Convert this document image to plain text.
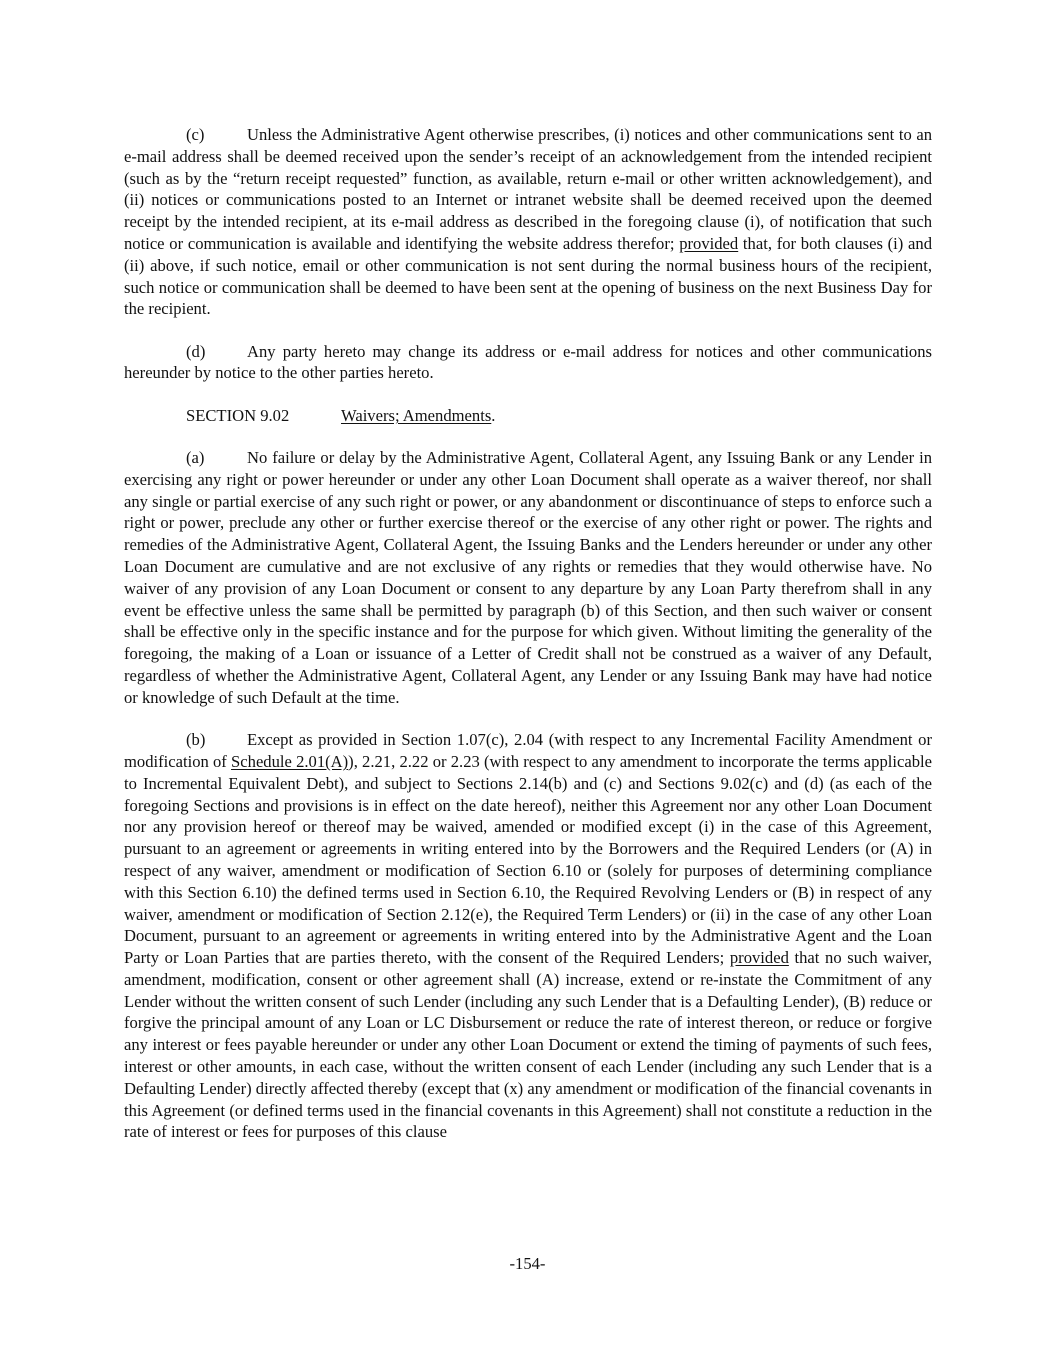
(c)	Unless the Administrative Agent otherwise prescribes, (i) notices and other communications sent to an e-mail address shall be deemed received upon the sender’s receipt of an acknowledgement from the intended recipient (such as by the “return receipt requested” function, as available, return e-mail or other written acknowledgement), and (ii) notices or communications posted to an Internet or intranet website shall be deemed received upon the deemed receipt by the intended recipient, at its e-mail address as described in the foregoing clause (i), of notification that such notice or communication is available and identifying the website address therefor; provided that, for both clauses (i) and (ii) above, if such notice, email or other communication is not sent during the normal business hours of the recipient, such notice or communication shall be deemed to have been sent at the opening of business on the next Business Day for the recipient.

(d)	Any party hereto may change its address or e-mail address for notices and other communications hereunder by notice to the other parties hereto.

SECTION 9.02	Waivers; Amendments.

(a)	No failure or delay by the Administrative Agent, Collateral Agent, any Issuing Bank or any Lender in exercising any right or power hereunder or under any other Loan Document shall operate as a waiver thereof, nor shall any single or partial exercise of any such right or power, or any abandonment or discontinuance of steps to enforce such a right or power, preclude any other or further exercise thereof or the exercise of any other right or power. The rights and remedies of the Administrative Agent, Collateral Agent, the Issuing Banks and the Lenders hereunder or under any other Loan Document are cumulative and are not exclusive of any rights or remedies that they would otherwise have. No waiver of any provision of any Loan Document or consent to any departure by any Loan Party therefrom shall in any event be effective unless the same shall be permitted by paragraph (b) of this Section, and then such waiver or consent shall be effective only in the specific instance and for the purpose for which given. Without limiting the generality of the foregoing, the making of a Loan or issuance of a Letter of Credit shall not be construed as a waiver of any Default, regardless of whether the Administrative Agent, Collateral Agent, any Lender or any Issuing Bank may have had notice or knowledge of such Default at the time.

(b)	Except as provided in Section 1.07(c), 2.04 (with respect to any Incremental Facility Amendment or modification of Schedule 2.01(A)), 2.21, 2.22 or 2.23 (with respect to any amendment to incorporate the terms applicable to Incremental Equivalent Debt), and subject to Sections 2.14(b) and (c) and Sections 9.02(c) and (d) (as each of the foregoing Sections and provisions is in effect on the date hereof), neither this Agreement nor any other Loan Document nor any provision hereof or thereof may be waived, amended or modified except (i) in the case of this Agreement, pursuant to an agreement or agreements in writing entered into by the Borrowers and the Required Lenders (or (A) in respect of any waiver, amendment or modification of Section 6.10 or (solely for purposes of determining compliance with this Section 6.10) the defined terms used in Section 6.10, the Required Revolving Lenders or (B) in respect of any waiver, amendment or modification of Section 2.12(e), the Required Term Lenders) or (ii) in the case of any other Loan Document, pursuant to an agreement or agreements in writing entered into by the Administrative Agent and the Loan Party or Loan Parties that are parties thereto, with the consent of the Required Lenders; provided that no such waiver, amendment, modification, consent or other agreement shall (A) increase, extend or re-instate the Commitment of any Lender without the written consent of such Lender (including any such Lender that is a Defaulting Lender), (B) reduce or forgive the principal amount of any Loan or LC Disbursement or reduce the rate of interest thereon, or reduce or forgive any interest or fees payable hereunder or under any other Loan Document or extend the timing of payments of such fees, interest or other amounts, in each case, without the written consent of each Lender (including any such Lender that is a Defaulting Lender) directly affected thereby (except that (x) any amendment or modification of the financial covenants in this Agreement (or defined terms used in the financial covenants in this Agreement) shall not constitute a reduction in the rate of interest or fees for purposes of this clause

-154-
